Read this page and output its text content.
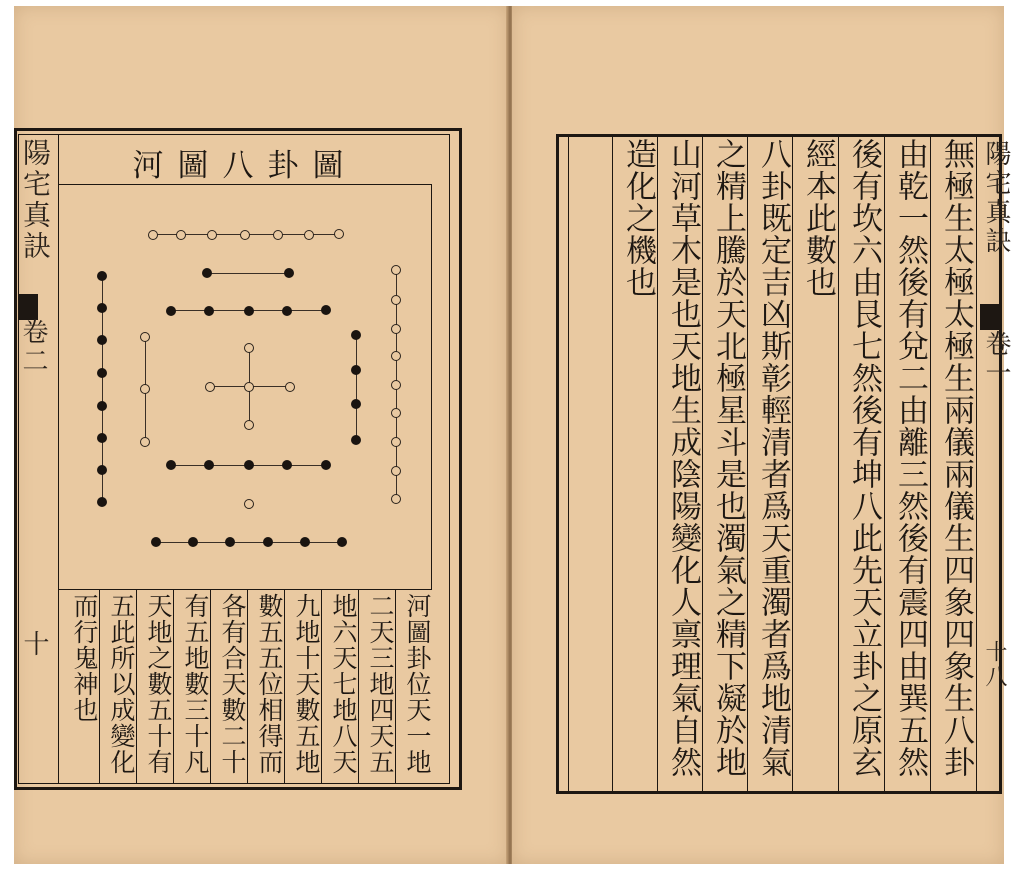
陽宅真訣
卷二
十
河圖八卦圖
河圖卦位天一地
二天三地四天五
地六天七地八天
九地十天數五地
數五五位相得而
各有合天數二十
有五地數三十凡
天地之數五十有
五此所以成變化
而行鬼神也
陽宅真訣
卷一
十八
無極生太極太極生兩儀兩儀生四象四象生八卦
由乾一然後有兌二由離三然後有震四由巽五然
後有坎六由艮七然後有坤八此先天立卦之原玄
經本此數也
八卦既定吉凶斯彰輕清者爲天重濁者爲地清氣
之精上騰於天北極星斗是也濁氣之精下凝於地
山河草木是也天地生成陰陽變化人禀理氣自然
造化之機也
